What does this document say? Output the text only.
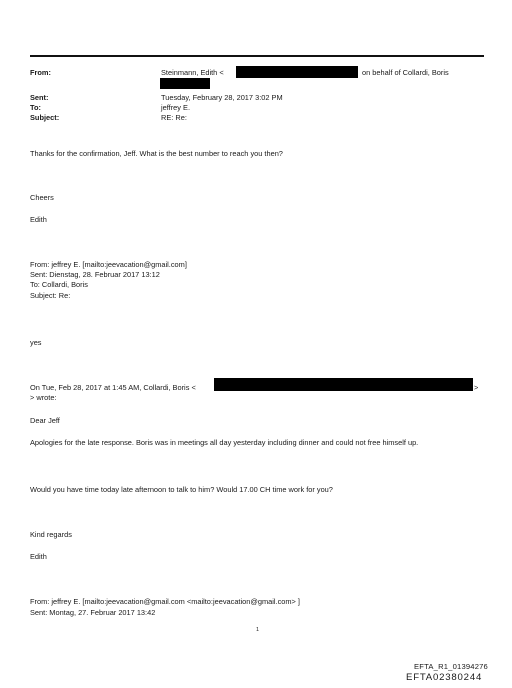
From:	Steinmann, Edith <	on behalf of Collardi, Boris
Sent:	Tuesday, February 28, 2017 3:02 PM
To:	jeffrey E.
Subject:	RE: Re:
Thanks for the confirmation, Jeff. What is the best number to reach you then?
Cheers
Edith
From: jeffrey E. [mailto:jeevacation@gmail.com]
Sent: Dienstag, 28. Februar 2017 13:12
To: Collardi, Boris
Subject: Re:
yes
On Tue, Feb 28, 2017 at 1:45 AM, Collardi, Boris <	>
> wrote:
Dear Jeff
Apologies for the late response. Boris was in meetings all day yesterday including dinner and could not free himself up.
Would you have time today late afternoon to talk to him? Would 17.00 CH time work for you?
Kind regards
Edith
From: jeffrey E. [mailto:jeevacation@gmail.com <mailto:jeevacation@gmail.com> ]
Sent: Montag, 27. Februar 2017 13:42
1
EFTA_R1_01394276
EFTA02380244
